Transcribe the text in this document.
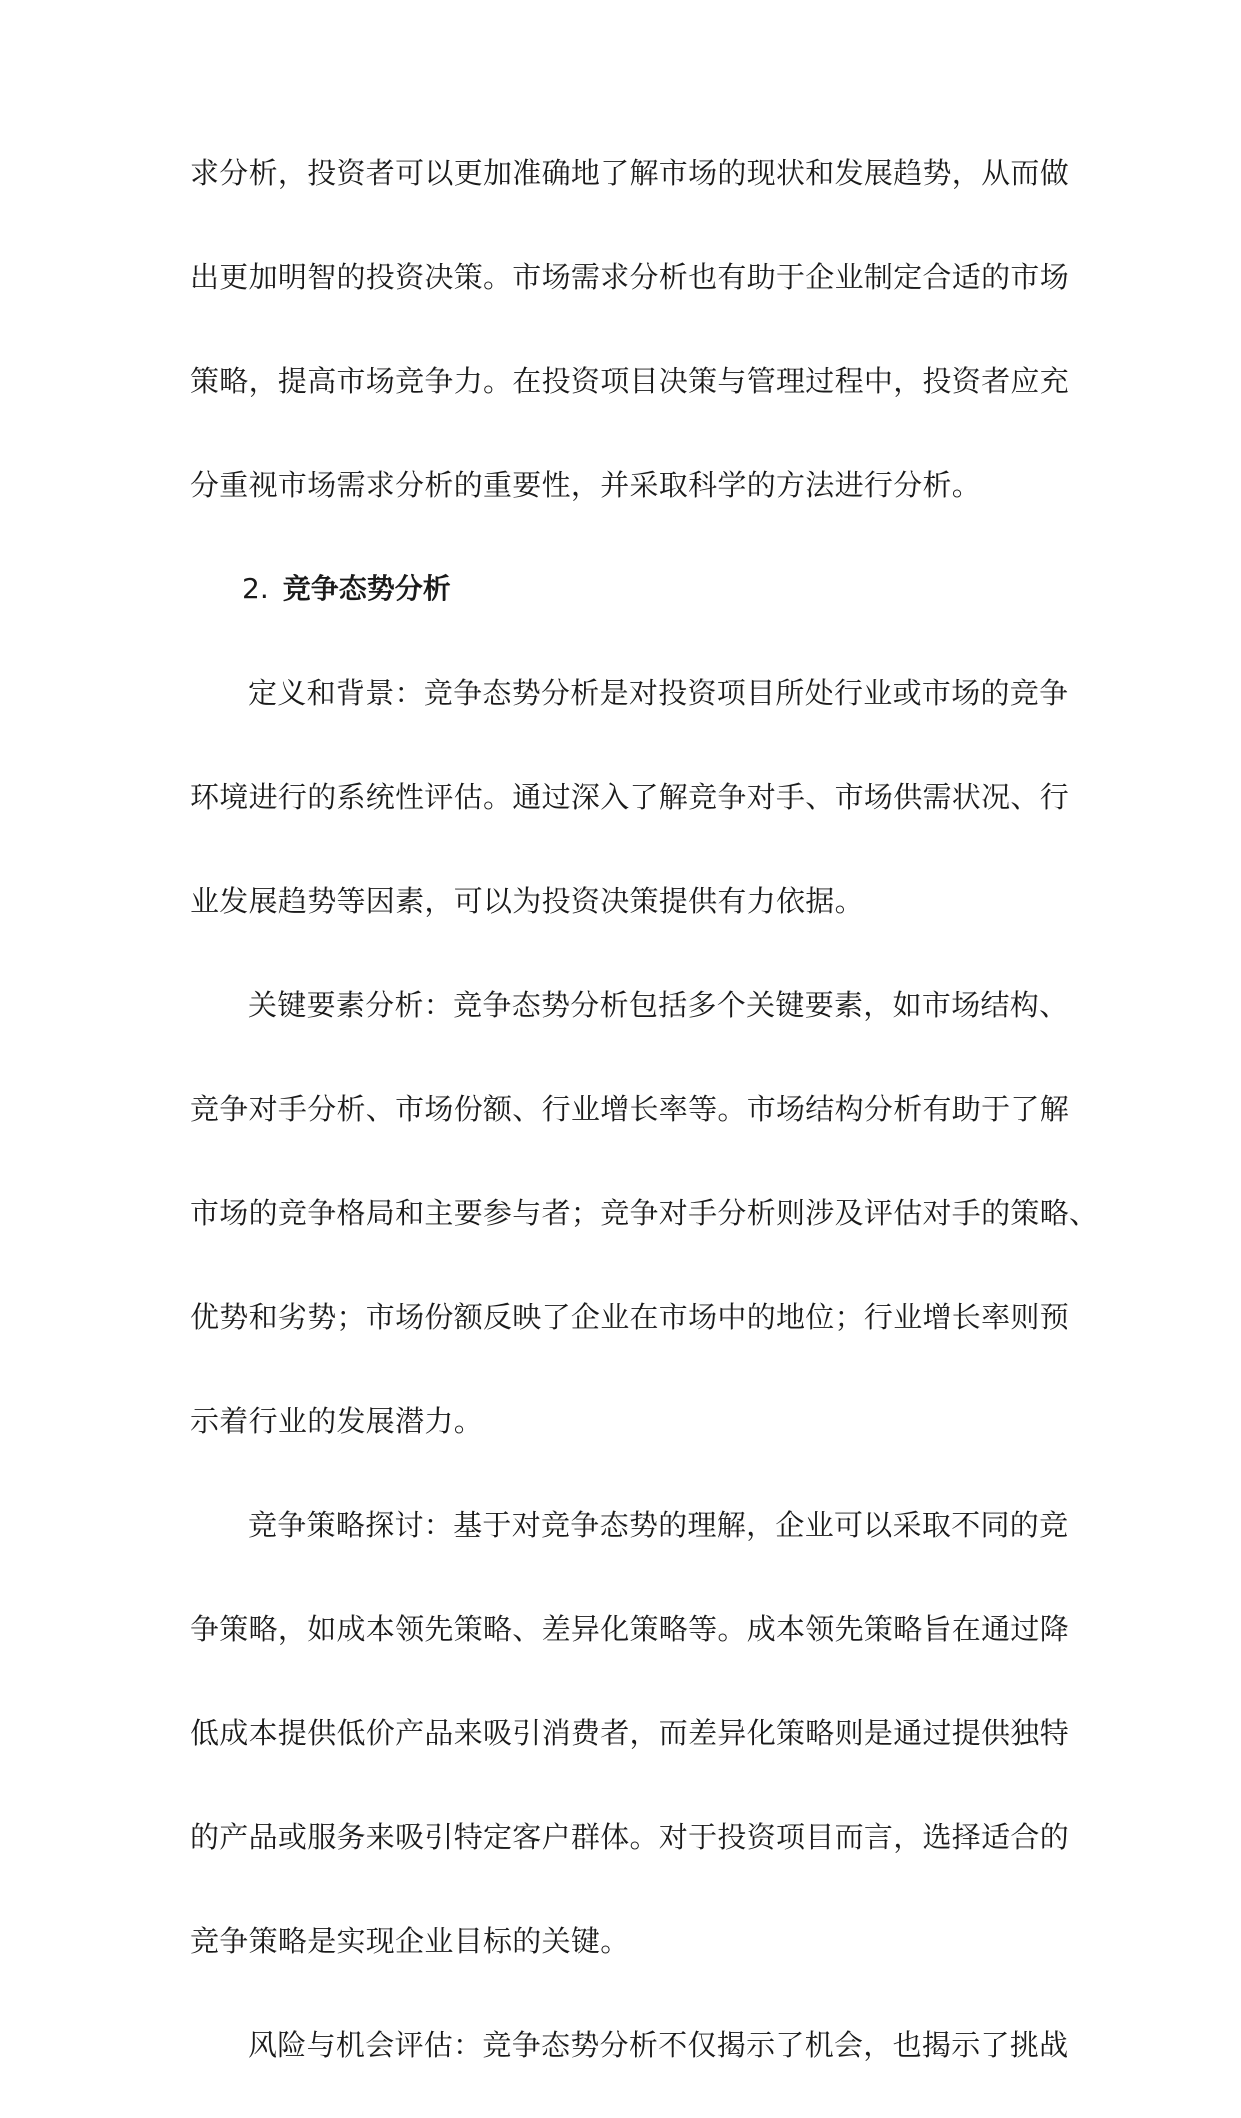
求分析，投资者可以更加准确地了解市场的现状和发展趋势，从而做
出更加明智的投资决策。市场需求分析也有助于企业制定合适的市场
策略，提高市场竞争力。在投资项目决策与管理过程中，投资者应充
分重视市场需求分析的重要性，并采取科学的方法进行分析。
2. 竞争态势分析
定义和背景：竞争态势分析是对投资项目所处行业或市场的竞争
环境进行的系统性评估。通过深入了解竞争对手、市场供需状况、行
业发展趋势等因素，可以为投资决策提供有力依据。
关键要素分析：竞争态势分析包括多个关键要素，如市场结构、
竞争对手分析、市场份额、行业增长率等。市场结构分析有助于了解
市场的竞争格局和主要参与者；竞争对手分析则涉及评估对手的策略、
优势和劣势；市场份额反映了企业在市场中的地位；行业增长率则预
示着行业的发展潜力。
竞争策略探讨：基于对竞争态势的理解，企业可以采取不同的竞
争策略，如成本领先策略、差异化策略等。成本领先策略旨在通过降
低成本提供低价产品来吸引消费者，而差异化策略则是通过提供独特
的产品或服务来吸引特定客户群体。对于投资项目而言，选择适合的
竞争策略是实现企业目标的关键。
风险与机会评估：竞争态势分析不仅揭示了机会，也揭示了挑战
